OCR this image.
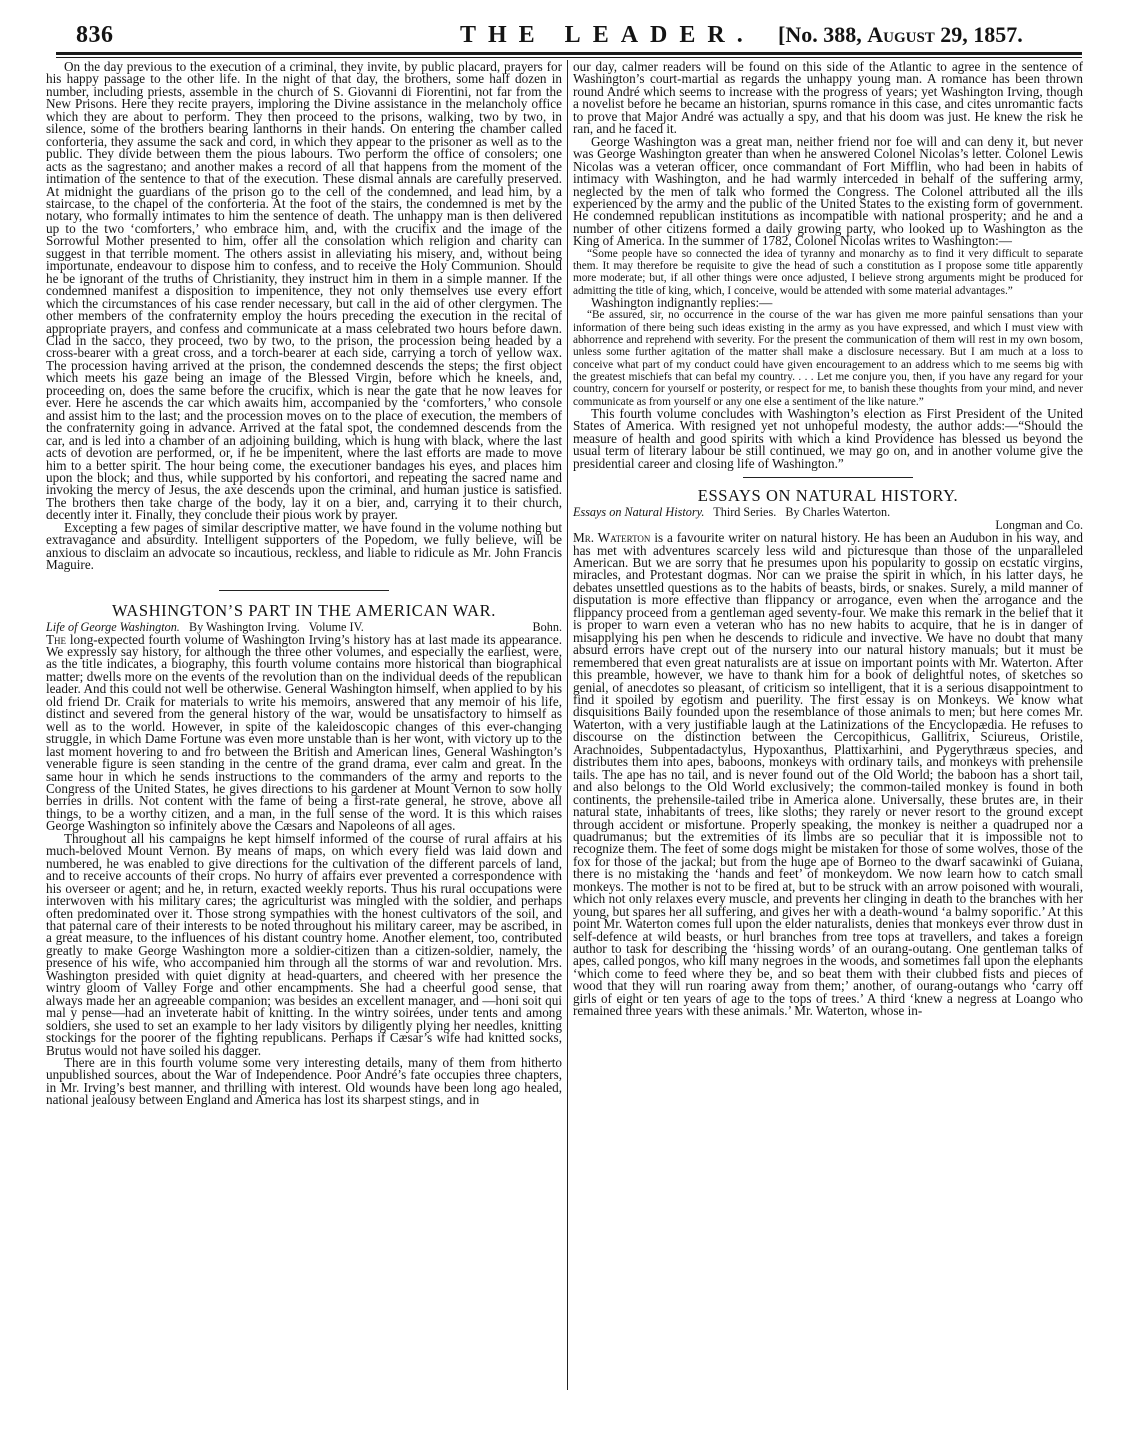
836	THE LEADER. [No. 388, August 29, 1857.

On the day previous to the execution of a criminal, they invite, by public placard, prayers for his happy passage to the other life. In the night of that day, the brothers, some half dozen in number, including priests, assemble in the church of S. Giovanni di Fiorentini, not far from the New Prisons. Here they recite prayers, imploring the Divine assistance in the melancholy office which they are about to perform. They then proceed to the prisons, walking, two by two, in silence, some of the brothers bearing lanthorns in their hands. On entering the chamber called conforteria, they assume the sack and cord, in which they appear to the prisoner as well as to the public. They divide between them the pious labours. Two perform the office of consolers; one acts as the sagrestano; and another makes a record of all that happens from the moment of the intimation of the sentence to that of the execution. These dismal annals are carefully preserved. At midnight the guardians of the prison go to the cell of the condemned, and lead him, by a staircase, to the chapel of the conforteria. At the foot of the stairs, the condemned is met by the notary, who formally intimates to him the sentence of death. The unhappy man is then delivered up to the two ‘comforters,’ who embrace him, and, with the crucifix and the image of the Sorrowful Mother presented to him, offer all the consolation which religion and charity can suggest in that terrible moment. The others assist in alleviating his misery, and, without being importunate, endeavour to dispose him to confess, and to receive the Holy Communion. Should he be ignorant of the truths of Christianity, they instruct him in them in a simple manner. If the condemned manifest a disposition to impenitence, they not only themselves use every effort which the circumstances of his case render necessary, but call in the aid of other clergymen. The other members of the confraternity employ the hours preceding the execution in the recital of appropriate prayers, and confess and communicate at a mass celebrated two hours before dawn. Clad in the sacco, they proceed, two by two, to the prison, the procession being headed by a cross-bearer with a great cross, and a torch-bearer at each side, carrying a torch of yellow wax. The procession having arrived at the prison, the condemned descends the steps; the first object which meets his gaze being an image of the Blessed Virgin, before which he kneels, and, proceeding on, does the same before the crucifix, which is near the gate that he now leaves for ever. Here he ascends the car which awaits him, accompanied by the ‘comforters,’ who console and assist him to the last; and the procession moves on to the place of execution, the members of the confraternity going in advance. Arrived at the fatal spot, the condemned descends from the car, and is led into a chamber of an adjoining building, which is hung with black, where the last acts of devotion are performed, or, if he be impenitent, where the last efforts are made to move him to a better spirit. The hour being come, the executioner bandages his eyes, and places him upon the block; and thus, while supported by his confortori, and repeating the sacred name and invoking the mercy of Jesus, the axe descends upon the criminal, and human justice is satisfied. The brothers then take charge of the body, lay it on a bier, and, carrying it to their church, decently inter it. Finally, they conclude their pious work by prayer.

Excepting a few pages of similar descriptive matter, we have found in the volume nothing but extravagance and absurdity. Intelligent supporters of the Popedom, we fully believe, will be anxious to disclaim an advocate so incautious, reckless, and liable to ridicule as Mr. John Francis Maguire.

WASHINGTON’S PART IN THE AMERICAN WAR.
Life of George Washington. By Washington Irving. Volume IV.	Bohn.

The long-expected fourth volume of Washington Irving’s history has at last made its appearance. We expressly say history, for although the three other volumes, and especially the earliest, were, as the title indicates, a biography, this fourth volume contains more historical than biographical matter; dwells more on the events of the revolution than on the individual deeds of the republican leader. And this could not well be otherwise. General Washington himself, when applied to by his old friend Dr. Craik for materials to write his memoirs, answered that any memoir of his life, distinct and severed from the general history of the war, would be unsatisfactory to himself as well as to the world. However, in spite of the kaleidoscopic changes of this ever-changing struggle, in which Dame Fortune was even more unstable than is her wont, with victory up to the last moment hovering to and fro between the British and American lines, General Washington’s venerable figure is seen standing in the centre of the grand drama, ever calm and great. In the same hour in which he sends instructions to the commanders of the army and reports to the Congress of the United States, he gives directions to his gardener at Mount Vernon to sow holly berries in drills. Not content with the fame of being a first-rate general, he strove, above all things, to be a worthy citizen, and a man, in the full sense of the word. It is this which raises George Washington so infinitely above the Cæsars and Napoleons of all ages.

Throughout all his campaigns he kept himself informed of the course of rural affairs at his much-beloved Mount Vernon. By means of maps, on which every field was laid down and numbered, he was enabled to give directions for the cultivation of the different parcels of land, and to receive accounts of their crops. No hurry of affairs ever prevented a correspondence with his overseer or agent; and he, in return, exacted weekly reports. Thus his rural occupations were interwoven with his military cares; the agriculturist was mingled with the soldier, and perhaps often predominated over it. Those strong sympathies with the honest cultivators of the soil, and that paternal care of their interests to be noted throughout his military career, may be ascribed, in a great measure, to the influences of his distant country home. Another element, too, contributed greatly to make George Washington more a soldier-citizen than a citizen-soldier, namely, the presence of his wife, who accompanied him through all the storms of war and revolution. Mrs. Washington presided with quiet dignity at head-quarters, and cheered with her presence the wintry gloom of Valley Forge and other encampments. She had a cheerful good sense, that always made her an agreeable companion; was besides an excellent manager, and —honi soit qui mal y pense—had an inveterate habit of knitting. In the wintry soirées, under tents and among soldiers, she used to set an example to her lady visitors by diligently plying her needles, knitting stockings for the poorer of the fighting republicans. Perhaps if Cæsar’s wife had knitted socks, Brutus would not have soiled his dagger.

There are in this fourth volume some very interesting details, many of them from hitherto unpublished sources, about the War of Independence. Poor André’s fate occupies three chapters, in Mr. Irving’s best manner, and thrilling with interest. Old wounds have been long ago healed, national jealousy between England and America has lost its sharpest stings, and in

our day, calmer readers will be found on this side of the Atlantic to agree in the sentence of Washington’s court-martial as regards the unhappy young man. A romance has been thrown round André which seems to increase with the progress of years; yet Washington Irving, though a novelist before he became an historian, spurns romance in this case, and cites unromantic facts to prove that Major André was actually a spy, and that his doom was just. He knew the risk he ran, and he faced it.

George Washington was a great man, neither friend nor foe will and can deny it, but never was George Washington greater than when he answered Colonel Nicolas’s letter. Colonel Lewis Nicolas was a veteran officer, once commandant of Fort Mifflin, who had been in habits of intimacy with Washington, and he had warmly interceded in behalf of the suffering army, neglected by the men of talk who formed the Congress. The Colonel attributed all the ills experienced by the army and the public of the United States to the existing form of government. He condemned republican institutions as incompatible with national prosperity; and he and a number of other citizens formed a daily growing party, who looked up to Washington as the King of America. In the summer of 1782, Colonel Nicolas writes to Washington:—

“Some people have so connected the idea of tyranny and monarchy as to find it very difficult to separate them. It may therefore be requisite to give the head of such a constitution as I propose some title apparently more moderate; but, if all other things were once adjusted, I believe strong arguments might be produced for admitting the title of king, which, I conceive, would be attended with some material advantages.”

Washington indignantly replies:—

“Be assured, sir, no occurrence in the course of the war has given me more painful sensations than your information of there being such ideas existing in the army as you have expressed, and which I must view with abhorrence and reprehend with severity. For the present the communication of them will rest in my own bosom, unless some further agitation of the matter shall make a disclosure necessary. But I am much at a loss to conceive what part of my conduct could have given encouragement to an address which to me seems big with the greatest mischiefs that can befal my country. . . . Let me conjure you, then, if you have any regard for your country, concern for yourself or posterity, or respect for me, to banish these thoughts from your mind, and never communicate as from yourself or any one else a sentiment of the like nature.”

This fourth volume concludes with Washington’s election as First President of the United States of America. With resigned yet not unhopeful modesty, the author adds:—“Should the measure of health and good spirits with which a kind Providence has blessed us beyond the usual term of literary labour be still continued, we may go on, and in another volume give the presidential career and closing life of Washington.”

ESSAYS ON NATURAL HISTORY.
Essays on Natural History. Third Series. By Charles Waterton.
Longman and Co.

Mr. Waterton is a favourite writer on natural history. He has been an Audubon in his way, and has met with adventures scarcely less wild and picturesque than those of the unparalleled American. But we are sorry that he presumes upon his popularity to gossip on ecstatic virgins, miracles, and Protestant dogmas. Nor can we praise the spirit in which, in his latter days, he debates unsettled questions as to the habits of beasts, birds, or snakes. Surely, a mild manner of disputation is more effective than flippancy or arrogance, even when the arrogance and the flippancy proceed from a gentleman aged seventy-four. We make this remark in the belief that it is proper to warn even a veteran who has no new habits to acquire, that he is in danger of misapplying his pen when he descends to ridicule and invective. We have no doubt that many absurd errors have crept out of the nursery into our natural history manuals; but it must be remembered that even great naturalists are at issue on important points with Mr. Waterton. After this preamble, however, we have to thank him for a book of delightful notes, of sketches so genial, of anecdotes so pleasant, of criticism so intelligent, that it is a serious disappointment to find it spoiled by egotism and puerility. The first essay is on Monkeys. We know what disquisitions Baily founded upon the resemblance of those animals to men; but here comes Mr. Waterton, with a very justifiable laugh at the Latinizations of the Encyclopædia. He refuses to discourse on the distinction between the Cercopithicus, Gallitrix, Sciureus, Oristile, Arachnoides, Subpentadactylus, Hypoxanthus, Plattixarhini, and Pygerythræus species, and distributes them into apes, baboons, monkeys with ordinary tails, and monkeys with prehensile tails. The ape has no tail, and is never found out of the Old World; the baboon has a short tail, and also belongs to the Old World exclusively; the common-tailed monkey is found in both continents, the prehensile-tailed tribe in America alone. Universally, these brutes are, in their natural state, inhabitants of trees, like sloths; they rarely or never resort to the ground except through accident or misfortune. Properly speaking, the monkey is neither a quadruped nor a quadrumanus; but the extremities of its limbs are so peculiar that it is impossible not to recognize them. The feet of some dogs might be mistaken for those of some wolves, those of the fox for those of the jackal; but from the huge ape of Borneo to the dwarf sacawinki of Guiana, there is no mistaking the ‘hands and feet’ of monkeydom. We now learn how to catch small monkeys. The mother is not to be fired at, but to be struck with an arrow poisoned with wourali, which not only relaxes every muscle, and prevents her clinging in death to the branches with her young, but spares her all suffering, and gives her with a death-wound ‘a balmy soporific.’ At this point Mr. Waterton comes full upon the elder naturalists, denies that monkeys ever throw dust in self-defence at wild beasts, or hurl branches from tree tops at travellers, and takes a foreign author to task for describing the ‘hissing words’ of an ourang-outang. One gentleman talks of apes, called pongos, who kill many negroes in the woods, and sometimes fall upon the elephants ‘which come to feed where they be, and so beat them with their clubbed fists and pieces of wood that they will run roaring away from them;’ another, of ourang-outangs who ‘carry off girls of eight or ten years of age to the tops of trees.’ A third ‘knew a negress at Loango who remained three years with these animals.’ Mr. Waterton, whose in-
